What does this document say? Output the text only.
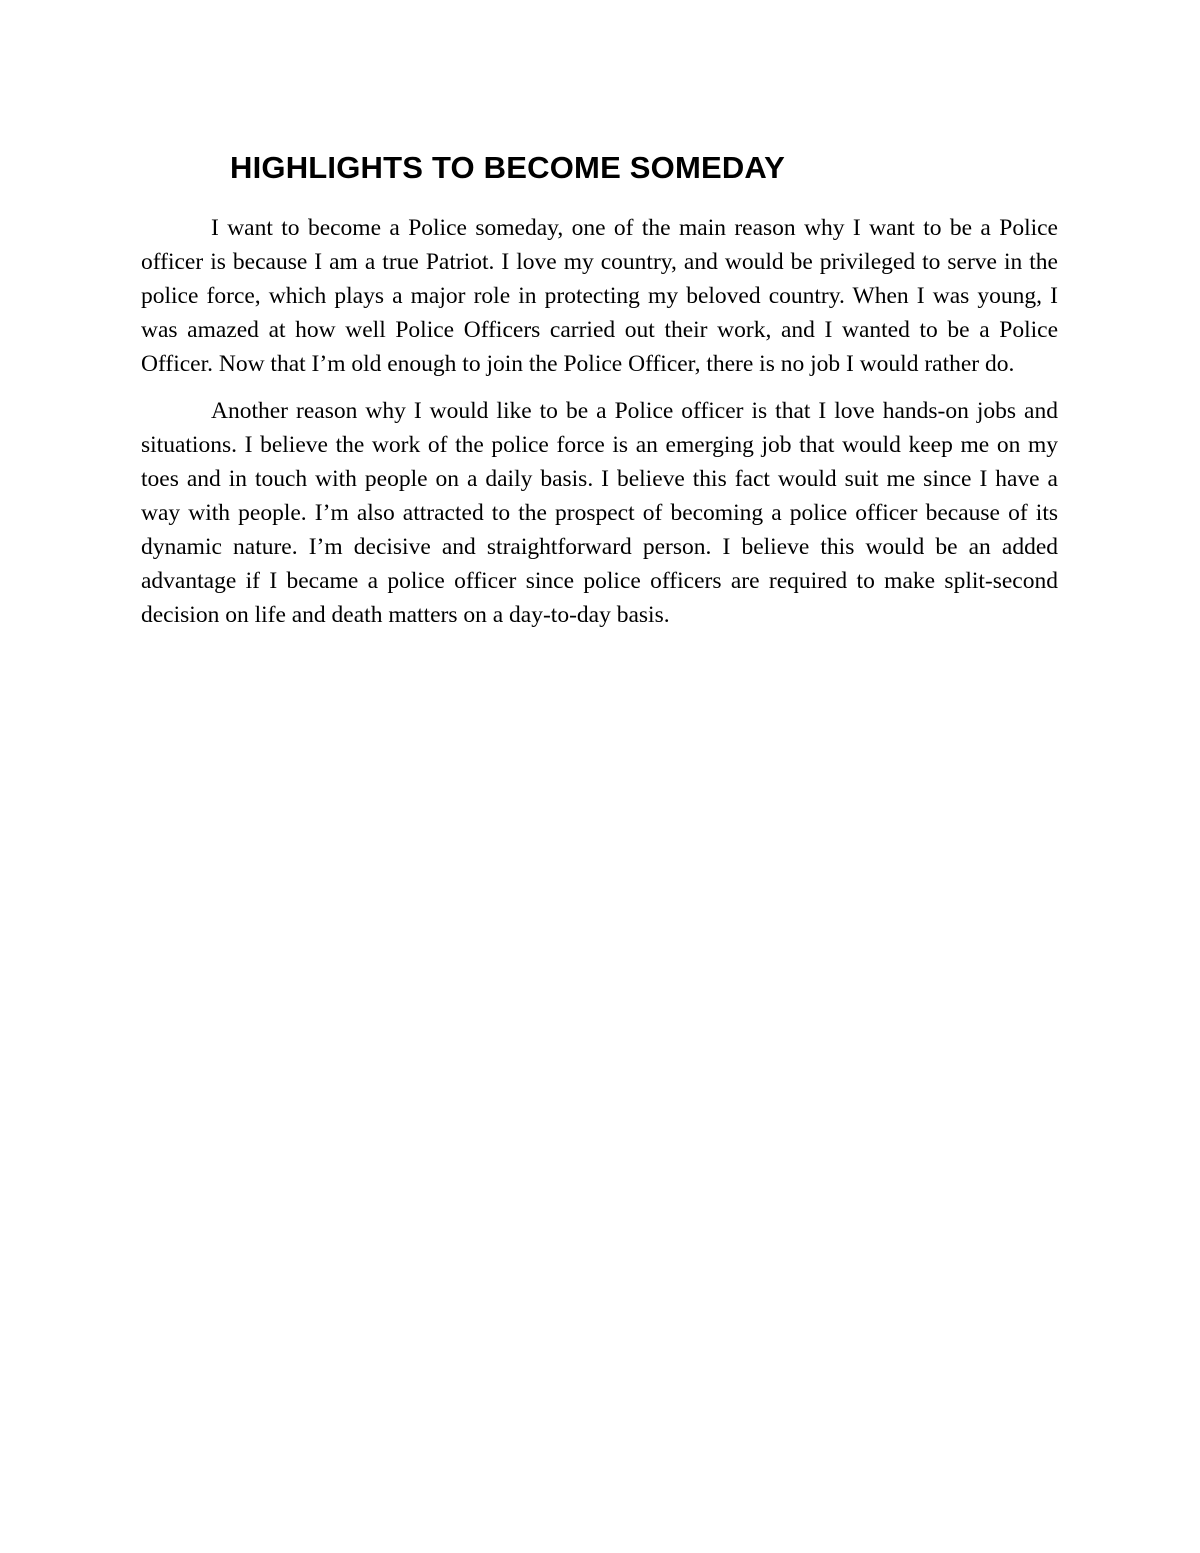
HIGHLIGHTS TO BECOME SOMEDAY

I want to become a Police someday, one of the main reason why I want to be a Police officer is because I am a true Patriot. I love my country, and would be privileged to serve in the police force, which plays a major role in protecting my beloved country. When I was young, I was amazed at how well Police Officers carried out their work, and I wanted to be a Police Officer. Now that I’m old enough to join the Police Officer, there is no job I would rather do.

Another reason why I would like to be a Police officer is that I love hands-on jobs and situations. I believe the work of the police force is an emerging job that would keep me on my toes and in touch with people on a daily basis. I believe this fact would suit me since I have a way with people. I’m also attracted to the prospect of becoming a police officer because of its dynamic nature. I’m decisive and straightforward person. I believe this would be an added advantage if I became a police officer since police officers are required to make split-second decision on life and death matters on a day-to-day basis.
